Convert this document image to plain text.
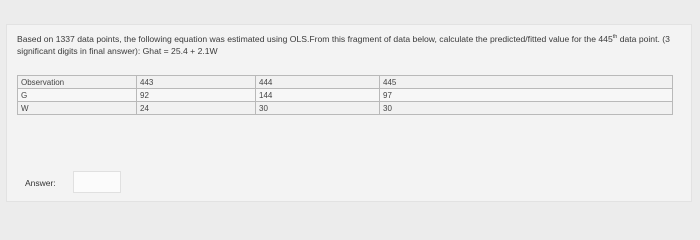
Based on 1337 data points, the following equation was estimated using OLS.From this fragment of data below, calculate the predicted/fitted value for the 445th data point. (3 significant digits in final answer): Ghat = 25.4 + 2.1W
Observation	443	444	445
G	92	144	97
W	24	30	30
Answer:
